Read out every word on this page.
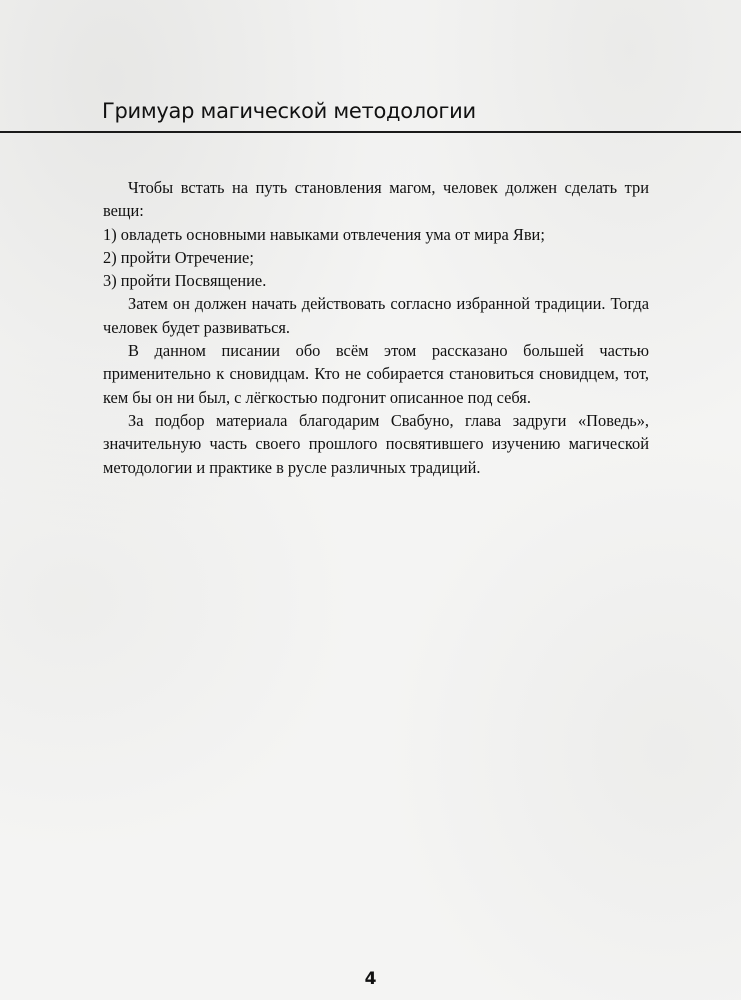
Гримуар магической методологии

Чтобы встать на путь становления магом, человек должен сделать три вещи:

1) овладеть основными навыками отвлечения ума от мира Яви;

2) пройти Отречение;

3) пройти Посвящение.

Затем он должен начать действовать согласно избранной традиции. Тогда человек будет развиваться.

В данном писании обо всём этом рассказано большей частью применительно к сновидцам. Кто не собирается становиться сновидцем, тот, кем бы он ни был, с лёгкостью подгонит описанное под себя.

За подбор материала благодарим Свабуно, глава задруги «Поведь», значительную часть своего прошлого посвятившего изучению магической методологии и практике в русле различных традиций.

4
